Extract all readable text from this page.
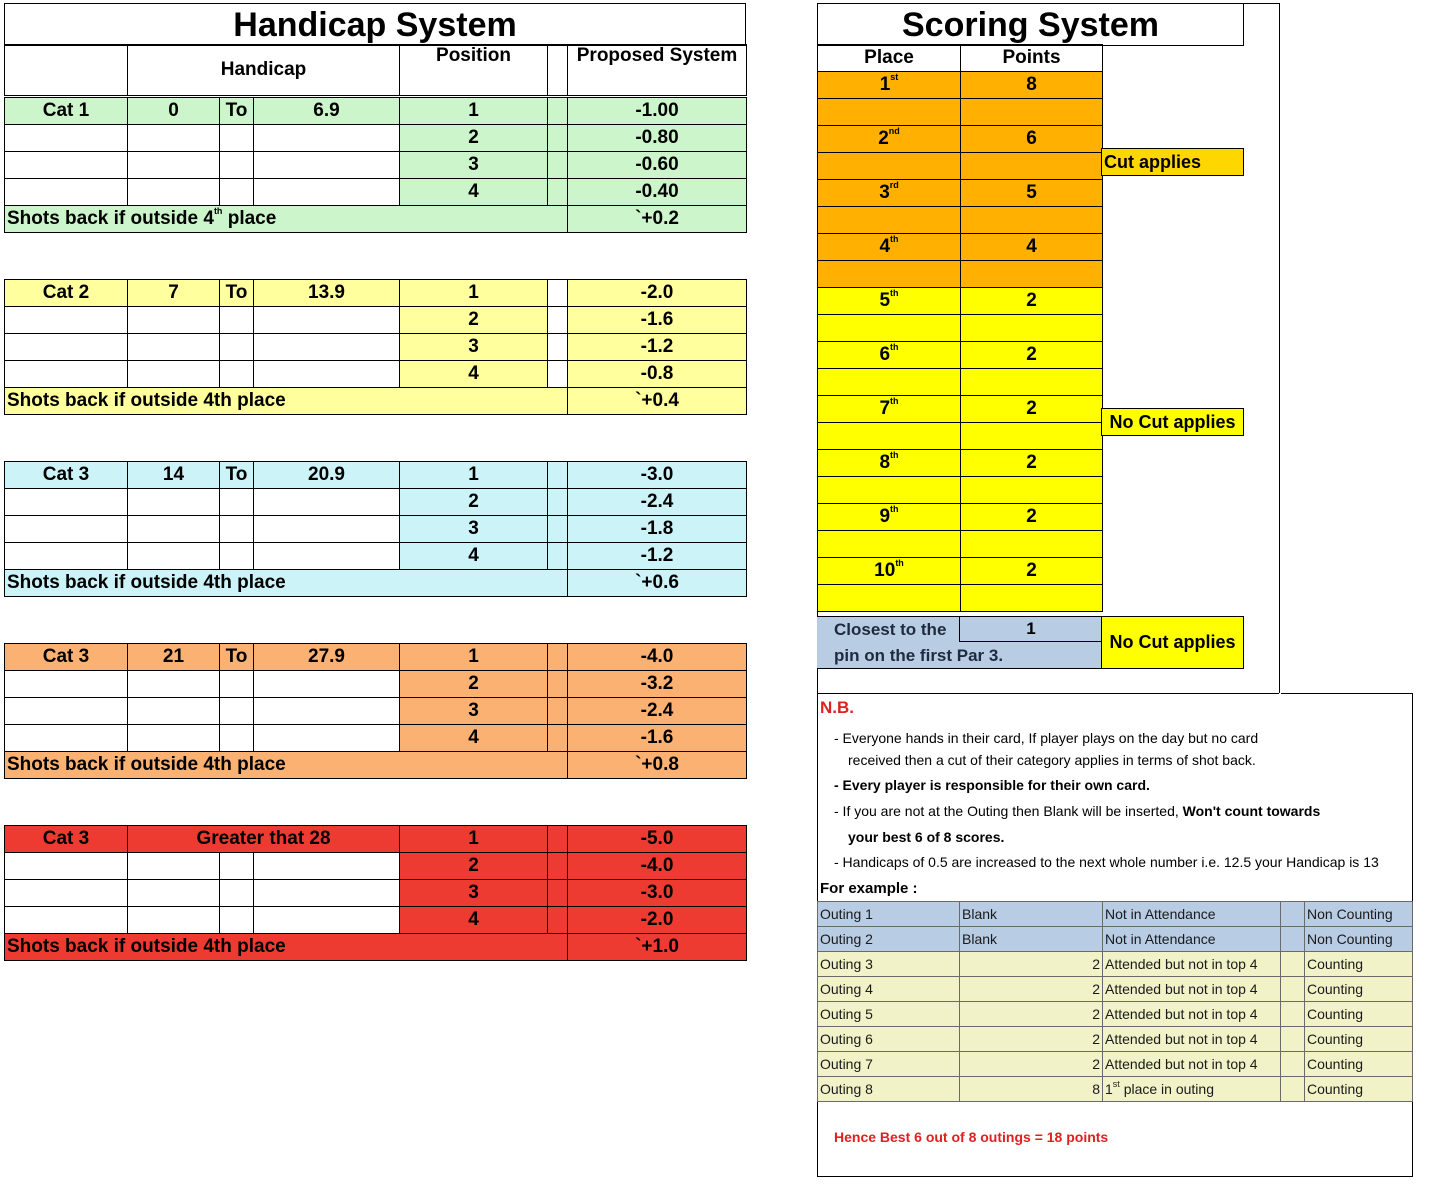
Handicap System
	Handicap	Position		Proposed System
Cat 1	0	To	6.9	1		-1.00
				2		-0.80
				3		-0.60
				4		-0.40
Shots back if outside 4th place						`+0.2
Cat 2	7	To	13.9	1		-2.0
				2		-1.6
				3		-1.2
				4		-0.8
Shots back if outside 4th place						`+0.4
Cat 3	14	To	20.9	1		-3.0
				2		-2.4
				3		-1.8
				4		-1.2
Shots back if outside 4th place						`+0.6
Cat 3	21	To	27.9	1		-4.0
				2		-3.2
				3		-2.4
				4		-1.6
Shots back if outside 4th place						`+0.8
Cat 3	Greater that 28			1		-5.0
				2		-4.0
				3		-3.0
				4		-2.0
Shots back if outside 4th place						`+1.0
Scoring System
Place	Points
1st	8

2nd	6

3rd	5

4th	4

5th	2

6th	2

7th	2

8th	2

9th	2

10th	2

Cut applies
No Cut applies
Closest to the
pin on the first Par 3.
1
No Cut applies
N.B.
- Everyone hands in their card, If player plays on the day but no card
received then a cut of their category applies in terms of shot back.
- Every player is responsible for their own card.
- If you are not at the Outing then Blank will be inserted, Won't count towards
your best 6 of 8 scores.
- Handicaps of 0.5 are increased to the next whole number i.e. 12.5 your Handicap is 13
For example :
Outing 1	Blank	Not in Attendance		Non Counting
Outing 2	Blank	Not in Attendance		Non Counting
Outing 3	2	Attended but not in top 4		Counting
Outing 4	2	Attended but not in top 4		Counting
Outing 5	2	Attended but not in top 4		Counting
Outing 6	2	Attended but not in top 4		Counting
Outing 7	2	Attended but not in top 4		Counting
Outing 8	8	1st place in outing		Counting
Hence Best 6 out of 8 outings = 18 points
